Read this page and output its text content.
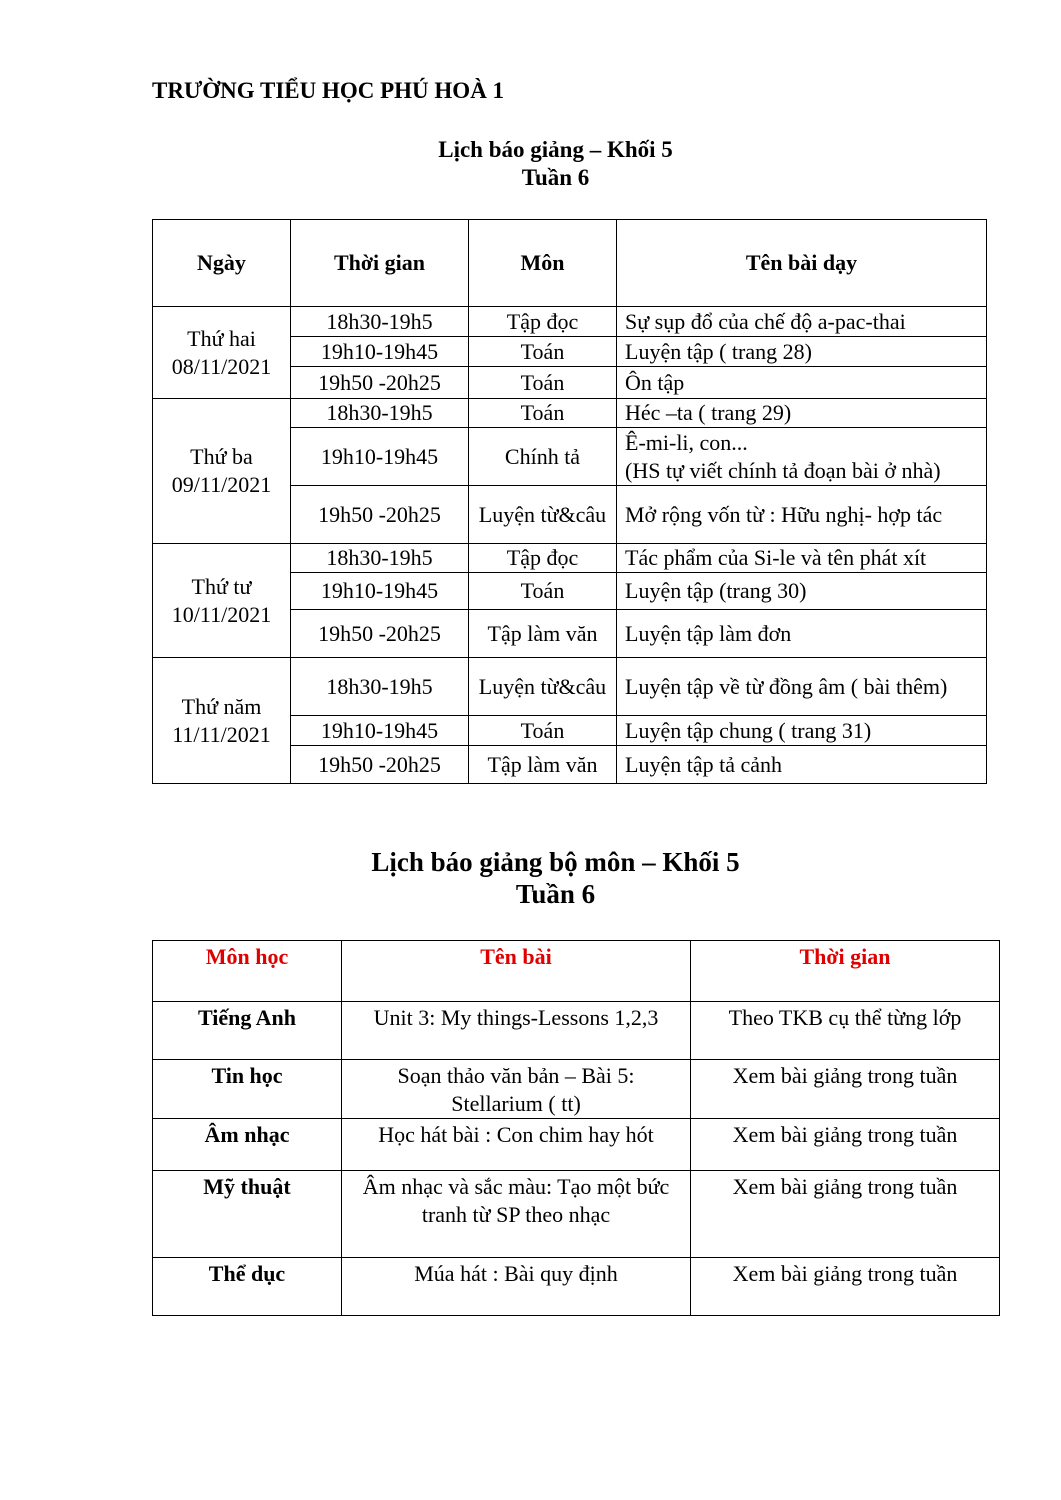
TRƯỜNG TIỂU HỌC PHÚ HOÀ 1
Lịch báo giảng – Khối 5
Tuần 6
Ngày	Thời gian	Môn	Tên bài dạy

Thứ hai
08/11/2021	18h30-19h5	Tập đọc	Sự sụp đổ của chế độ a-pac-thai
	19h10-19h45	Toán	Luyện tập ( trang 28)
	19h50 -20h25	Toán	Ôn tập

Thứ ba
09/11/2021	18h30-19h5	Toán	Héc –ta ( trang 29)
	19h10-19h45	Chính tả	Ê-mi-li, con...
(HS tự viết chính tả đoạn bài ở nhà)

	19h50 -20h25	Luyện từ&câu	Mở rộng vốn từ : Hữu nghị- hợp tác

Thứ tư
10/11/2021	18h30-19h5	Tập đọc	Tác phẩm của Si-le và tên phát xít
	19h10-19h45	Toán	Luyện tập (trang 30)
	19h50 -20h25	Tập làm văn	Luyện tập làm đơn

Thứ năm
11/11/2021	18h30-19h5	Luyện từ&câu	Luyện tập về từ đồng âm ( bài thêm)
	19h10-19h45	Toán	Luyện tập chung ( trang 31)
	19h50 -20h25	Tập làm văn	Luyện tập tả cảnh
Lịch báo giảng bộ môn – Khối 5
Tuần 6
Môn học	Tên bài	Thời gian
Tiếng Anh	Unit 3: My things-Lessons 1,2,3	Theo TKB cụ thể từng lớp
Tin học	Soạn thảo văn bản – Bài 5: Stellarium ( tt)	Xem bài giảng trong tuần
Âm nhạc	Học hát bài : Con chim hay hót	Xem bài giảng trong tuần
Mỹ thuật	Âm nhạc và sắc màu: Tạo một bức tranh từ SP theo nhạc	Xem bài giảng trong tuần
Thể dục	Múa hát : Bài quy định	Xem bài giảng trong tuần
